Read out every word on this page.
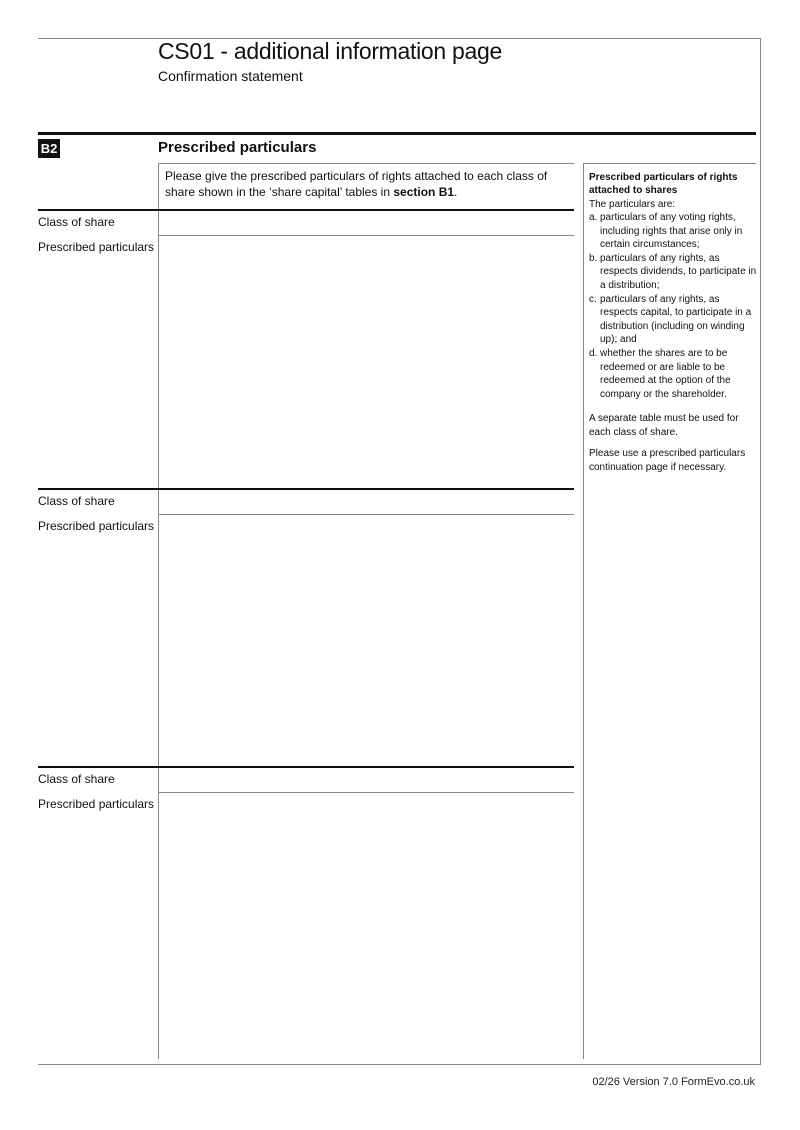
CS01 - additional information page
Confirmation statement
B2	Prescribed particulars
Please give the prescribed particulars of rights attached to each class of share shown in the ‘share capital’ tables in section B1.
Class of share
Prescribed particulars
Class of share
Prescribed particulars
Class of share
Prescribed particulars
Prescribed particulars of rights attached to shares
The particulars are:
a. particulars of any voting rights, including rights that arise only in certain circumstances;
b. particulars of any rights, as respects dividends, to participate in a distribution;
c. particulars of any rights, as respects capital, to participate in a distribution (including on winding up); and
d. whether the shares are to be redeemed or are liable to be redeemed at the option of the company or the shareholder.
A separate table must be used for each class of share.
Please use a prescribed particulars continuation page if necessary.
02/26 Version 7.0 FormEvo.co.uk
